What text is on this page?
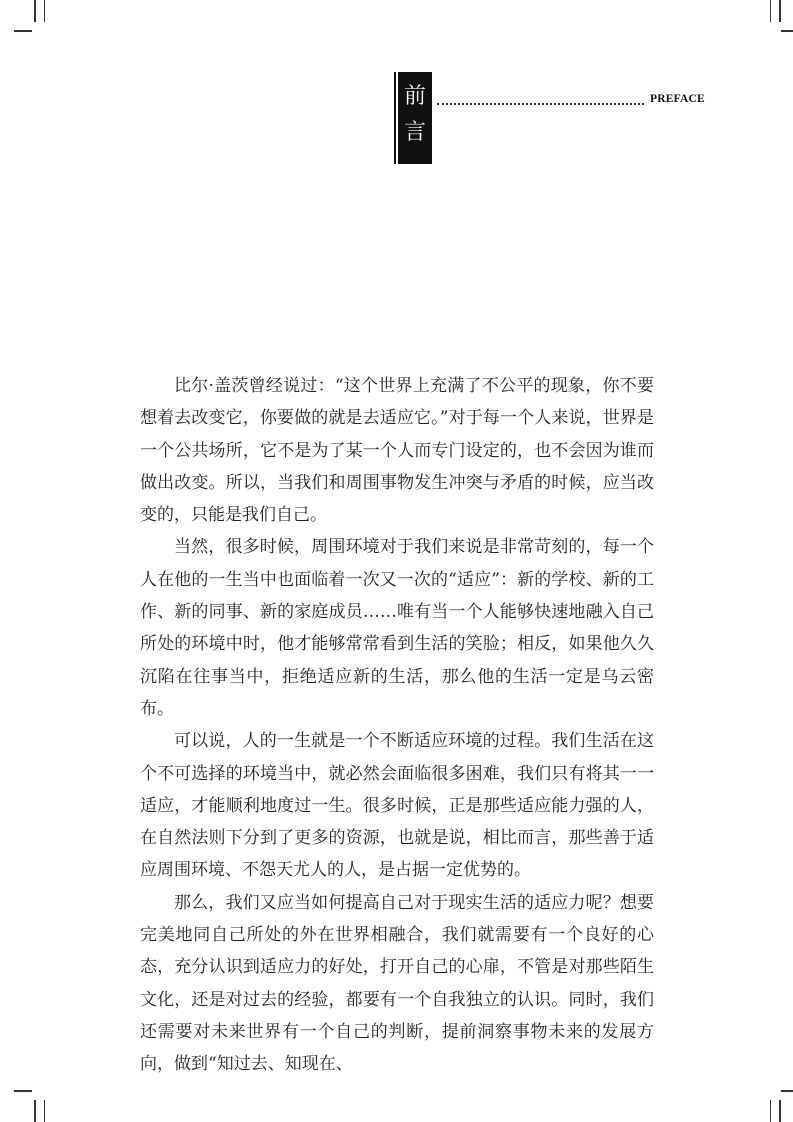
前
言
PREFACE

比尔·盖茨曾经说过：“这个世界上充满了不公平的现象，你不要想着去改变它，你要做的就是去适应它。”对于每一个人来说，世界是一个公共场所，它不是为了某一个人而专门设定的，也不会因为谁而做出改变。所以，当我们和周围事物发生冲突与矛盾的时候，应当改变的，只能是我们自己。

当然，很多时候，周围环境对于我们来说是非常苛刻的，每一个人在他的一生当中也面临着一次又一次的“适应”：新的学校、新的工作、新的同事、新的家庭成员……唯有当一个人能够快速地融入自己所处的环境中时，他才能够常常看到生活的笑脸；相反，如果他久久沉陷在往事当中，拒绝适应新的生活，那么他的生活一定是乌云密布。

可以说，人的一生就是一个不断适应环境的过程。我们生活在这个不可选择的环境当中，就必然会面临很多困难，我们只有将其一一适应，才能顺利地度过一生。很多时候，正是那些适应能力强的人，在自然法则下分到了更多的资源，也就是说，相比而言，那些善于适应周围环境、不怨天尤人的人，是占据一定优势的。

那么，我们又应当如何提高自己对于现实生活的适应力呢？想要完美地同自己所处的外在世界相融合，我们就需要有一个良好的心态，充分认识到适应力的好处，打开自己的心扉，不管是对那些陌生文化，还是对过去的经验，都要有一个自我独立的认识。同时，我们还需要对未来世界有一个自己的判断，提前洞察事物未来的发展方向，做到“知过去、知现在、
